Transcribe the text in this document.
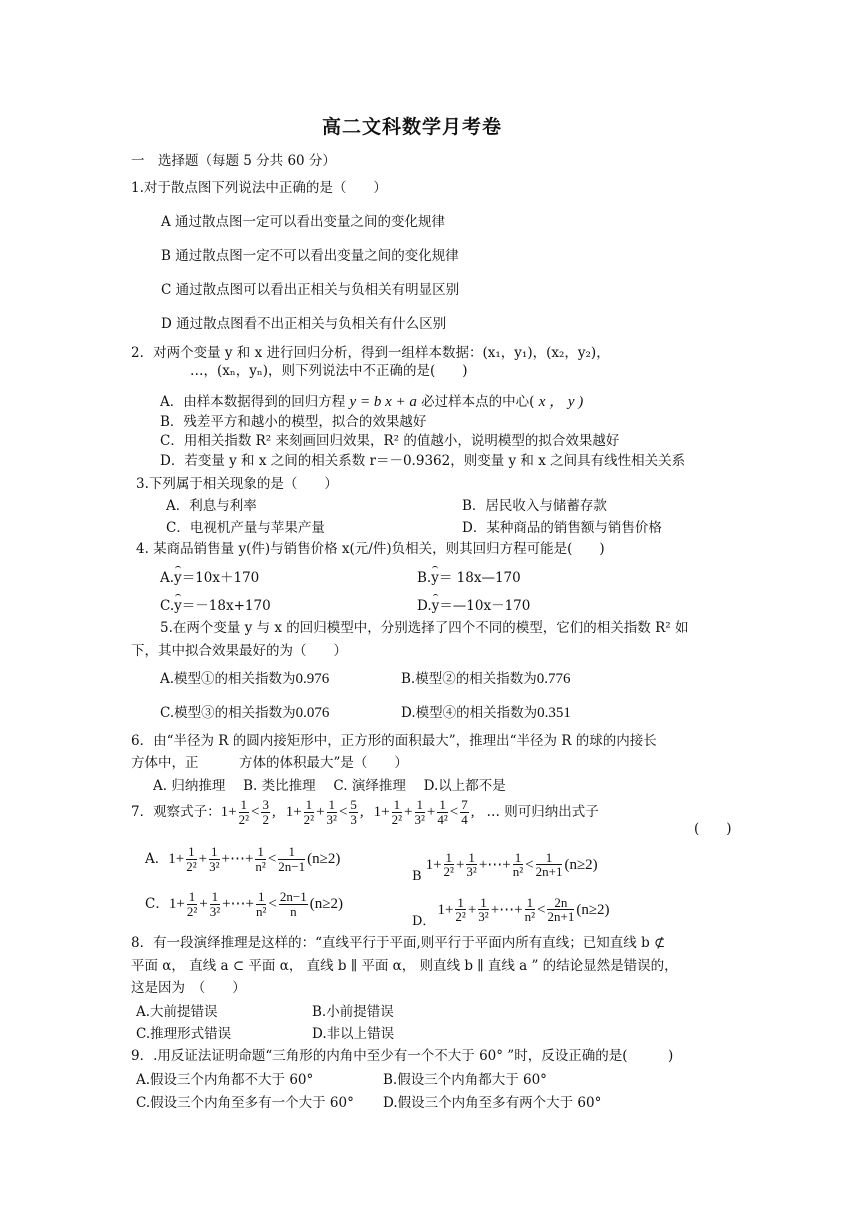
高二文科数学月考卷
一　选择题（每题 5 分共 60 分）
1.对于散点图下列说法中正确的是（　　）
A 通过散点图一定可以看出变量之间的变化规律
B 通过散点图一定不可以看出变量之间的变化规律
C 通过散点图可以看出正相关与负相关有明显区别
D 通过散点图看不出正相关与负相关有什么区别
2．对两个变量 y 和 x 进行回归分析，得到一组样本数据：(x₁，y₁)，(x₂，y₂)，
…，(xₙ，yₙ)，则下列说法中不正确的是(　　)
A．由样本数据得到的回归方程 y = b x + a 必过样本点的中心( x ， y )
B．残差平方和越小的模型，拟合的效果越好
C．用相关指数 R² 来刻画回归效果，R² 的值越小，说明模型的拟合效果越好
D．若变量 y 和 x 之间的相关系数 r＝－0.9362，则变量 y 和 x 之间具有线性相关关系
3.下列属于相关现象的是（　　）
A．利息与利率	B．居民收入与储蓄存款
C．电视机产量与苹果产量	D．某种商品的销售额与销售价格
4. 某商品销售量 y(件)与销售价格 x(元/件)负相关，则其回归方程可能是(　　)
A.y＝10x＋170	B.y＝ 18x—170
C.y＝－18x+170	D.y＝—10x－170
5.在两个变量 y 与 x 的回归模型中，分别选择了四个不同的模型，它们的相关指数 R² 如
下，其中拟合效果最好的为（　　）
A.模型①的相关指数为0.976	B.模型②的相关指数为0.776
C.模型③的相关指数为0.076	D.模型④的相关指数为0.351
6．由“半径为 R 的圆内接矩形中，正方形的面积最大”，推理出“半径为 R 的球的内接长
方体中，正　　　方体的体积最大”是（　　）
A. 归纳推理　 B. 类比推理　 C. 演绎推理　 D.以上都不是
7．观察式子： $1 + \frac{1}{\text{2²}} < \frac{3}{2}$ , $1 + \frac{1}{\text{2²}} + \frac{1}{\text{3²}} < \frac{5}{3}$ , $1 + \frac{1}{\text{2²}} + \frac{1}{\text{3²}} + \frac{1}{\text{4²}} < \frac{7}{4}$ , … 则可归纳出式子
(　　)
A． $1 + \frac{1}{\text{2²}} + \frac{1}{\text{3²}}$ +⋯+ $\frac{1}{\text{n²}} < \frac{1}{2n-1} (n\ge 2)$
B
$1 + \frac{1}{\text{2²}} + \frac{1}{\text{3²}}$ +⋯+ $\frac{1}{\text{n²}} < \frac{1}{2n+1} (n\ge 2)$
C． $1 + \frac{1}{\text{2²}} + \frac{1}{\text{3²}}$ +⋯+ $\frac{1}{\text{n²}} < \frac{2n-1}{n} (n\ge 2)$
D．
$1 + \frac{1}{\text{2²}} + \frac{1}{\text{3²}}$ +⋯+ $\frac{1}{\text{n²}} < \frac{2n}{2n+1} (n\ge 2)$
8．有一段演绎推理是这样的：“直线平行于平面,则平行于平面内所有直线；已知直线 b ⊄
平面 α， 直线 a ⊂ 平面 α， 直线 b ∥ 平面 α， 则直线 b ∥ 直线 a ” 的结论显然是错误的，
这是因为　（　　）
A.大前提错误	B.小前提错误
C.推理形式错误	D.非以上错误
9．.用反证法证明命题“三角形的内角中至少有一个不大于 60° ”时，反设正确的是(　　　)
A.假设三个内角都不大于 60°	B.假设三个内角都大于 60°
C.假设三个内角至多有一个大于 60° D.假设三个内角至多有两个大于 60°
